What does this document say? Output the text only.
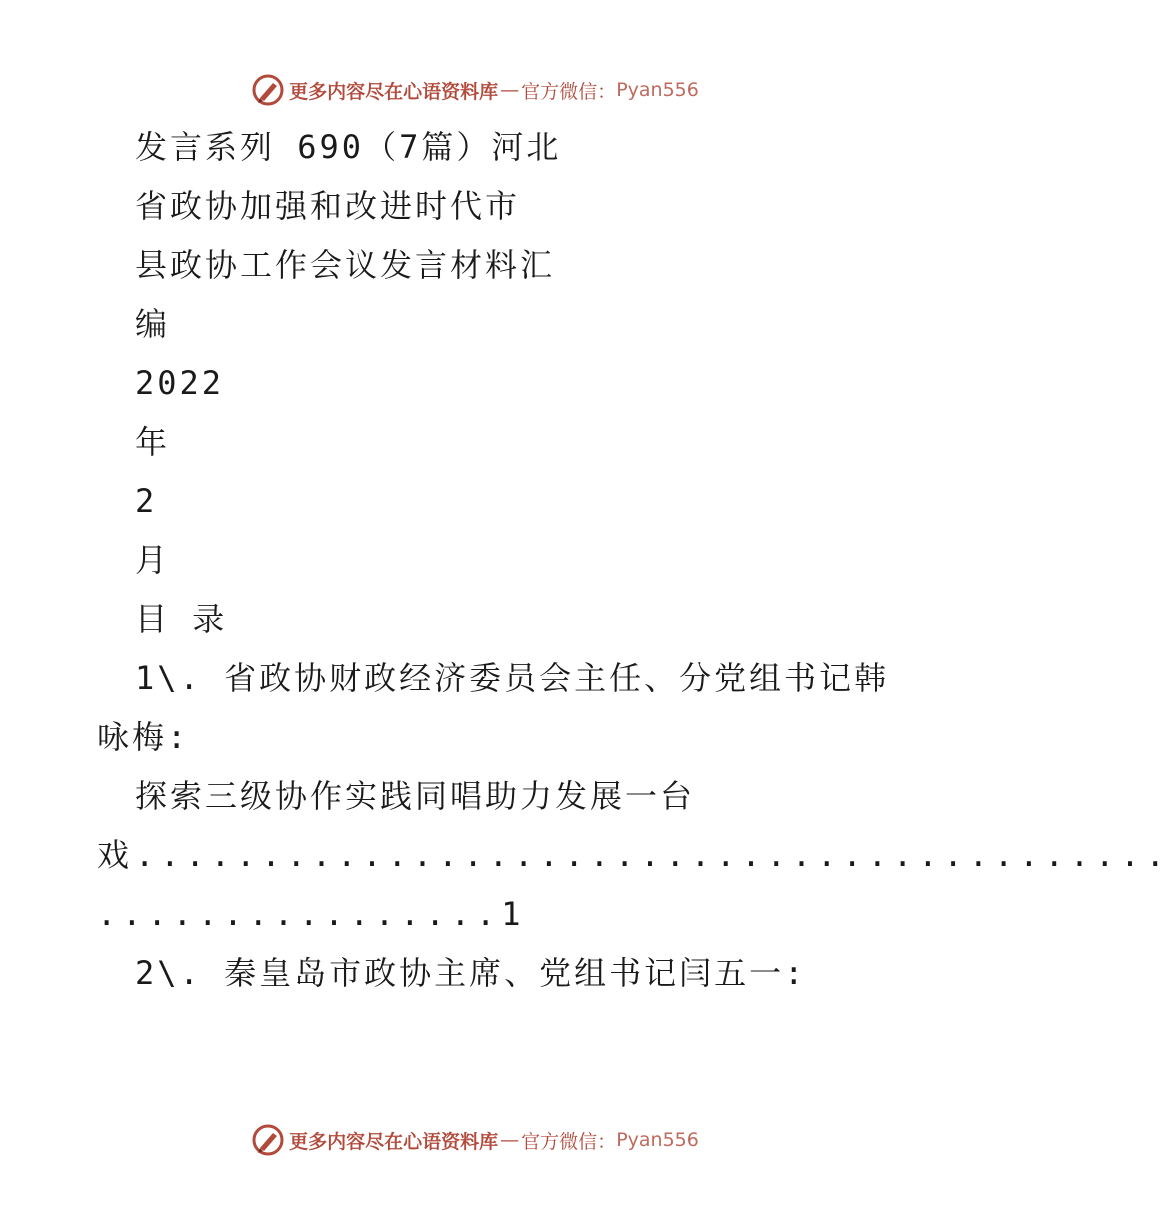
更多内容尽在心语资料库 — 官方微信： Pyan556
发言系列 690（7篇）河北
省政协加强和改进时代市
县政协工作会议发言材料汇
编
2022
年
2
月
目 录
1\. 省政协财政经济委员会主任、分党组书记韩
咏梅:
探索三级协作实践同唱助力发展一台
戏.........................................
................1
2\. 秦皇岛市政协主席、党组书记闫五一:
更多内容尽在心语资料库 — 官方微信： Pyan556
